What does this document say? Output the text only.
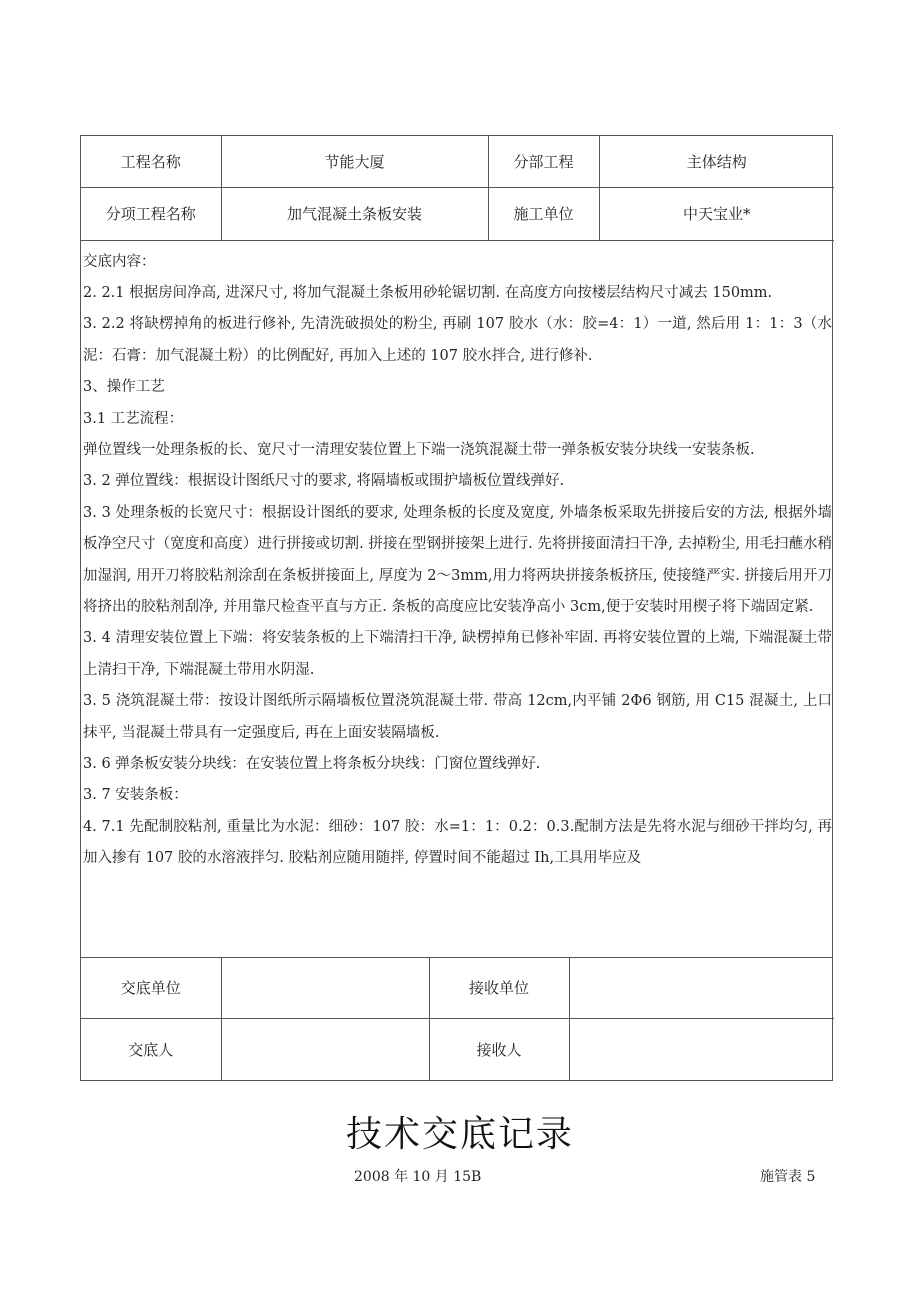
工程名称	节能大厦	分部工程	主体结构
分项工程名称	加气混凝土条板安装	施工单位	中天宝业*

交底内容：

2. 2.1 根据房间净高, 进深尺寸, 将加气混凝土条板用砂轮锯切割. 在高度方向按楼层结构尺寸减去 150mm.

3. 2.2 将缺楞掉角的板进行修补, 先清洗破损处的粉尘, 再刷 107 胶水（水：胶=4：1）一道, 然后用 1：1：3（水泥：石膏：加气混凝土粉）的比例配好, 再加入上述的 107 胶水拌合, 进行修补.

3、操作工艺

3.1 工艺流程：

弹位置线一处理条板的长、宽尺寸一清理安装位置上下端一浇筑混凝土带一弹条板安装分块线一安装条板.

3. 2 弹位置线：根据设计图纸尺寸的要求, 将隔墙板或围护墙板位置线弹好.

3. 3 处理条板的长宽尺寸：根据设计图纸的要求, 处理条板的长度及宽度, 外墙条板采取先拼接后安的方法, 根据外墙板净空尺寸（宽度和高度）进行拼接或切割. 拼接在型钢拼接架上进行. 先将拼接面清扫干净, 去掉粉尘, 用毛扫蘸水稍加湿润, 用开刀将胶粘剂涂刮在条板拼接面上, 厚度为 2～3mm,用力将两块拼接条板挤压, 使接缝严实. 拼接后用开刀将挤出的胶粘剂刮净, 并用靠尺检查平直与方正. 条板的高度应比安装净高小 3cm,便于安装时用楔子将下端固定紧.

3. 4 清理安装位置上下端：将安装条板的上下端清扫干净, 缺楞掉角已修补牢固. 再将安装位置的上端, 下端混凝土带上清扫干净, 下端混凝土带用水阴湿.

3. 5 浇筑混凝土带：按设计图纸所示隔墙板位置浇筑混凝土带. 带高 12cm,内平铺 2Φ6 钢筋, 用 C15 混凝土, 上口抹平, 当混凝土带具有一定强度后, 再在上面安装隔墙板.

3. 6 弹条板安装分块线：在安装位置上将条板分块线：门窗位置线弹好.

3. 7 安装条板：

4. 7.1 先配制胶粘剂, 重量比为水泥：细砂：107 胶：水=1：1：0.2：0.3.配制方法是先将水泥与细砂干拌均匀, 再加入掺有 107 胶的水溶液拌匀. 胶粘剂应随用随拌, 停置时间不能超过 Ih,工具用毕应及

交底单位		接收单位	
交底人		接收人	
技术交底记录
2008 年 10 月 15B	施管表 5
